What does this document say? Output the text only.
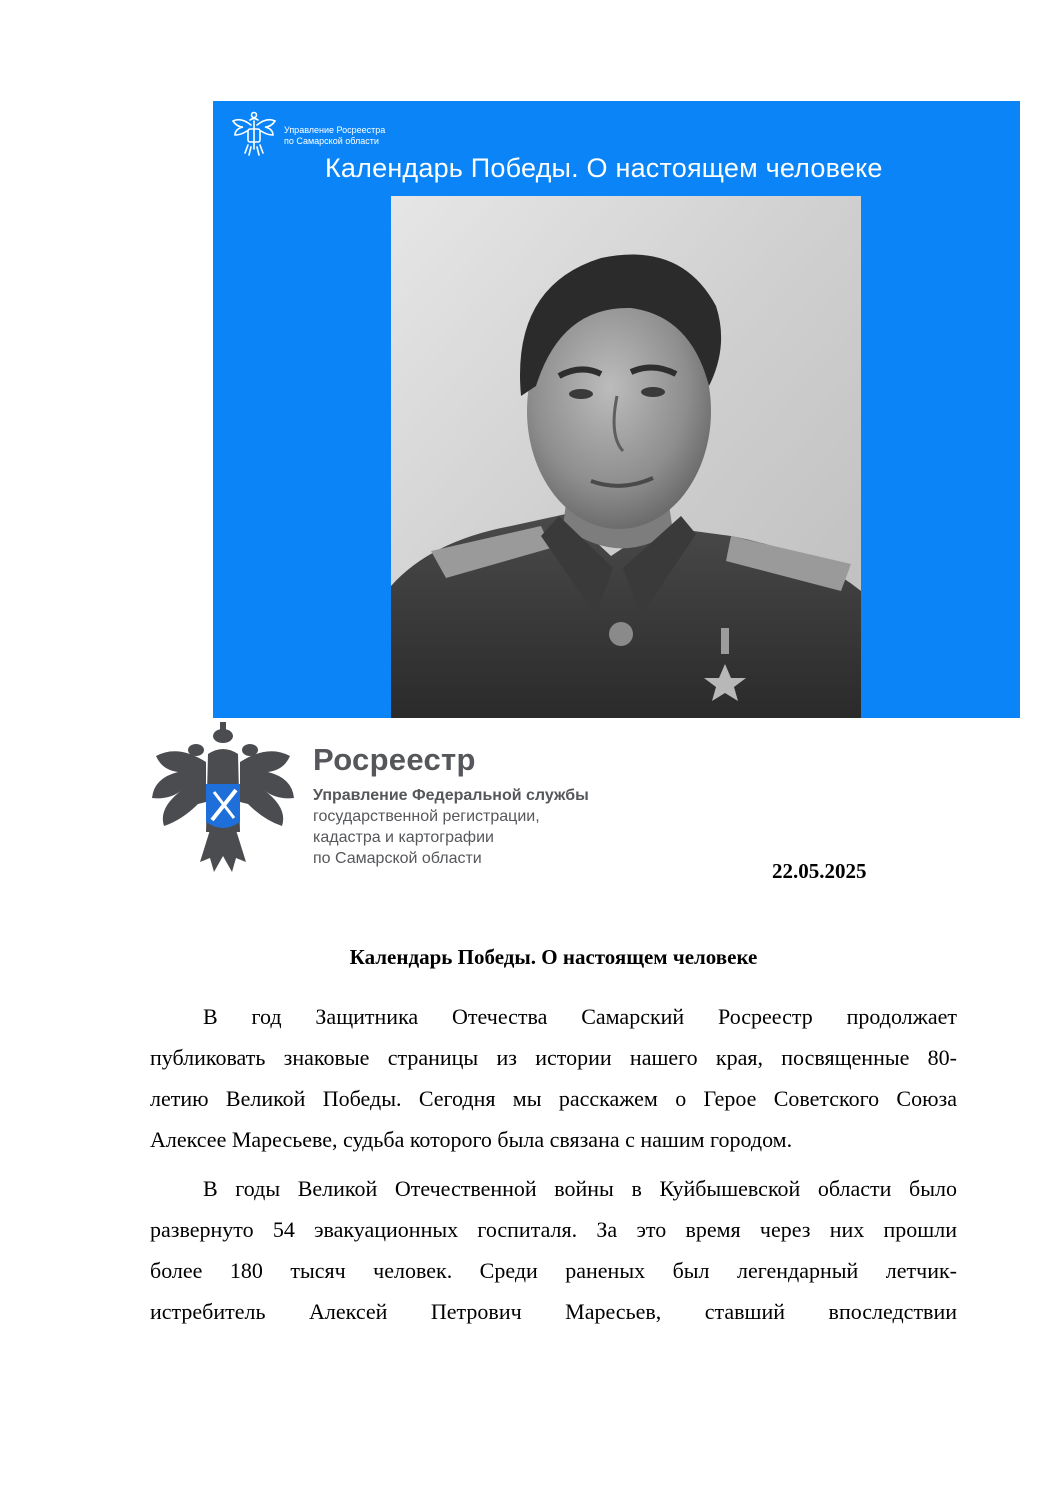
Управление Росреестра
по Самарской области
Календарь Победы. О настоящем человеке
Росреестр
Управление Федеральной службы
государственной регистрации,
кадастра и картографии
по Самарской области
22.05.2025
Календарь Победы. О настоящем человеке
В год Защитника Отечества Самарский Росреестр продолжает
публиковать знаковые страницы из истории нашего края, посвященные 80-
летию Великой Победы. Сегодня мы расскажем о Герое Советского Союза
Алексее Маресьеве, судьба которого была связана с нашим городом.
В годы Великой Отечественной войны в Куйбышевской области было
развернуто 54 эвакуационных госпиталя. За это время через них прошли
более 180 тысяч человек. Среди раненых был легендарный летчик-
истребитель Алексей Петрович Маресьев, ставший впоследствии
